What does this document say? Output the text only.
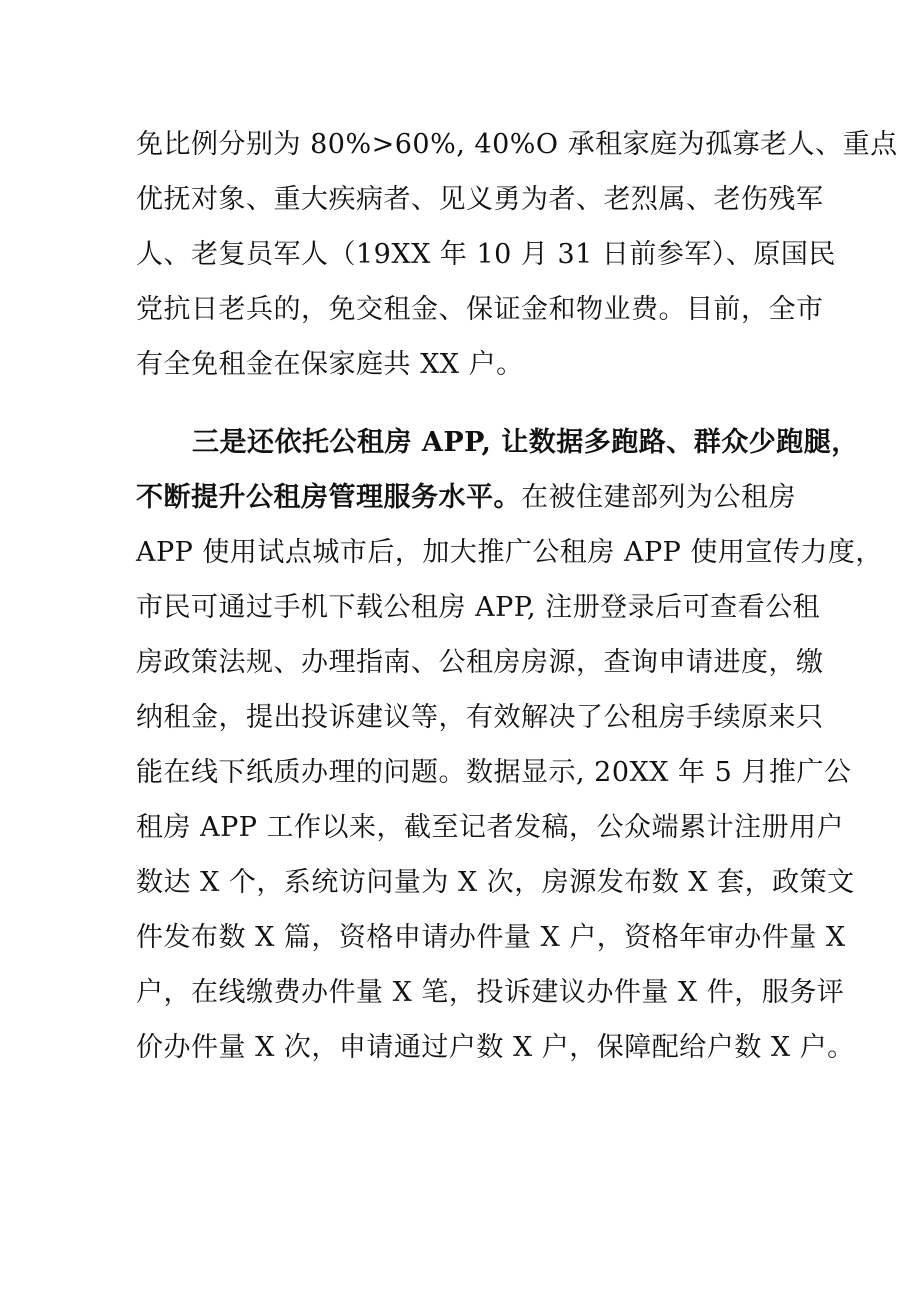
免比例分别为 80%>60%, 40%O 承租家庭为孤寡老人、重点
优抚对象、重大疾病者、见义勇为者、老烈属、老伤残军
人、老复员军人（19XX 年 10 月 31 日前参军）、原国民
党抗日老兵的，免交租金、保证金和物业费。目前，全市
有全免租金在保家庭共 XX 户。
三是还依托公租房 APP, 让数据多跑路、群众少跑腿，
不断提升公租房管理服务水平。在被住建部列为公租房
APP 使用试点城市后，加大推广公租房 APP 使用宣传力度，
市民可通过手机下载公租房 APP, 注册登录后可查看公租
房政策法规、办理指南、公租房房源，查询申请进度，缴
纳租金，提出投诉建议等，有效解决了公租房手续原来只
能在线下纸质办理的问题。数据显示, 20XX 年 5 月推广公
租房 APP 工作以来，截至记者发稿，公众端累计注册用户
数达 X 个，系统访问量为 X 次，房源发布数 X 套，政策文
件发布数 X 篇，资格申请办件量 X 户，资格年审办件量 X
户，在线缴费办件量 X 笔，投诉建议办件量 X 件，服务评
价办件量 X 次，申请通过户数 X 户，保障配给户数 X 户。
